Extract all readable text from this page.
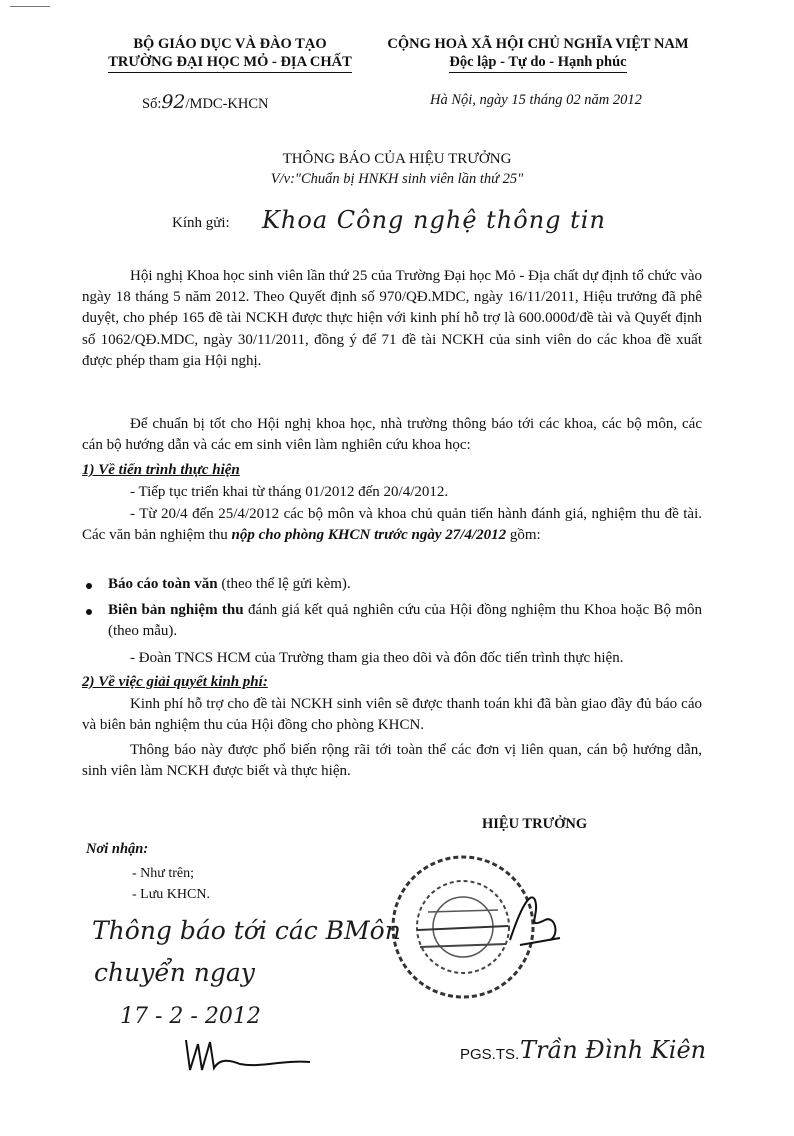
BỘ GIÁO DỤC VÀ ĐÀO TẠO
TRƯỜNG ĐẠI HỌC MỎ - ĐỊA CHẤT
CỘNG HOÀ XÃ HỘI CHỦ NGHĨA VIỆT NAM
Độc lập - Tự do - Hạnh phúc
Số:92/MDC-KHCN	Hà Nội, ngày 15 tháng 02 năm 2012
THÔNG BÁO CỦA HIỆU TRƯỞNG
V/v:"Chuẩn bị HNKH sinh viên lần thứ 25"
Kính gửi: Khoa Công nghệ thông tin
Hội nghị Khoa học sinh viên lần thứ 25 của Trường Đại học Mỏ - Địa chất dự định tổ chức vào ngày 18 tháng 5 năm 2012. Theo Quyết định số 970/QĐ.MDC, ngày 16/11/2011, Hiệu trưởng đã phê duyệt, cho phép 165 đề tài NCKH được thực hiện với kinh phí hỗ trợ là 600.000đ/đề tài và Quyết định số 1062/QĐ.MDC, ngày 30/11/2011, đồng ý để 71 đề tài NCKH của sinh viên do các khoa đề xuất được phép tham gia Hội nghị.
Để chuẩn bị tốt cho Hội nghị khoa học, nhà trường thông báo tới các khoa, các bộ môn, các cán bộ hướng dẫn và các em sinh viên làm nghiên cứu khoa học:
1) Về tiến trình thực hiện
- Tiếp tục triển khai từ tháng 01/2012 đến 20/4/2012.
- Từ 20/4 đến 25/4/2012 các bộ môn và khoa chủ quản tiến hành đánh giá, nghiệm thu đề tài. Các văn bản nghiệm thu nộp cho phòng KHCN trước ngày 27/4/2012 gồm:
Báo cáo toàn văn (theo thể lệ gửi kèm).
Biên bản nghiệm thu đánh giá kết quả nghiên cứu của Hội đồng nghiệm thu Khoa hoặc Bộ môn (theo mẫu).
- Đoàn TNCS HCM của Trường tham gia theo dõi và đôn đốc tiến trình thực hiện.
2) Về việc giải quyết kinh phí:
Kinh phí hỗ trợ cho đề tài NCKH sinh viên sẽ được thanh toán khi đã bàn giao đầy đủ báo cáo và biên bản nghiệm thu của Hội đồng cho phòng KHCN.
Thông báo này được phổ biến rộng rãi tới toàn thể các đơn vị liên quan, cán bộ hướng dẫn, sinh viên làm NCKH được biết và thực hiện.
Nơi nhận:
- Như trên;
- Lưu KHCN.
HIỆU TRƯỞNG
PGS.TS. Trần Đình Kiên
Thông báo tới các BMôn
chuyển ngay
17 - 2 - 2012
